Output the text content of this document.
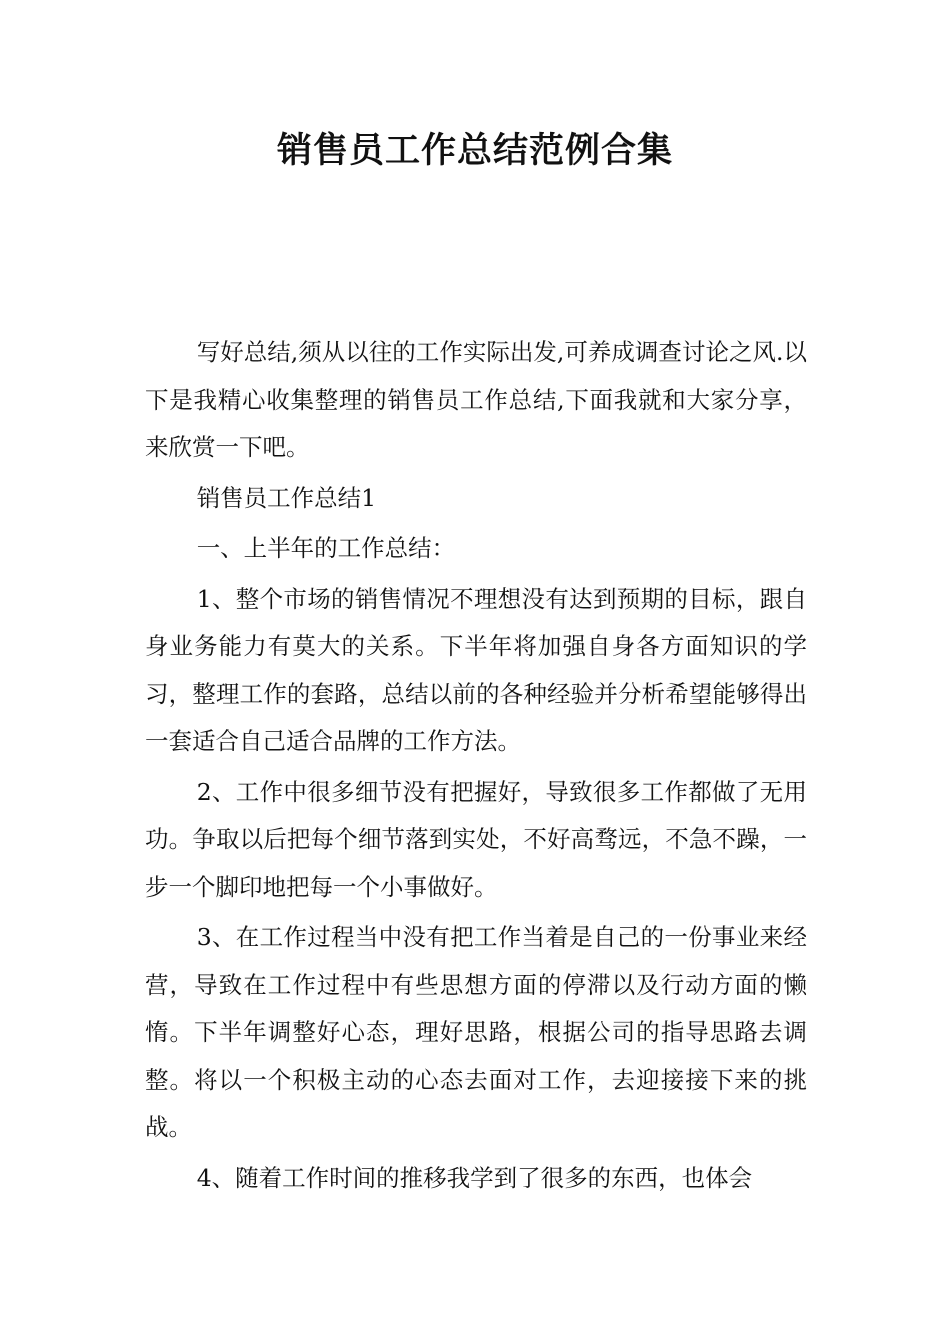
销售员工作总结范例合集

写好总结,须从以往的工作实际出发,可养成调查讨论之风.以下是我精心收集整理的销售员工作总结,下面我就和大家分享，来欣赏一下吧。

销售员工作总结1

一、上半年的工作总结：

1、整个市场的销售情况不理想没有达到预期的目标，跟自身业务能力有莫大的关系。下半年将加强自身各方面知识的学习，整理工作的套路，总结以前的各种经验并分析希望能够得出一套适合自己适合品牌的工作方法。

2、工作中很多细节没有把握好，导致很多工作都做了无用功。争取以后把每个细节落到实处，不好高骛远，不急不躁，一步一个脚印地把每一个小事做好。

3、在工作过程当中没有把工作当着是自己的一份事业来经营，导致在工作过程中有些思想方面的停滞以及行动方面的懒惰。下半年调整好心态，理好思路，根据公司的指导思路去调整。将以一个积极主动的心态去面对工作，去迎接接下来的挑战。

4、随着工作时间的推移我学到了很多的东西，也体会
